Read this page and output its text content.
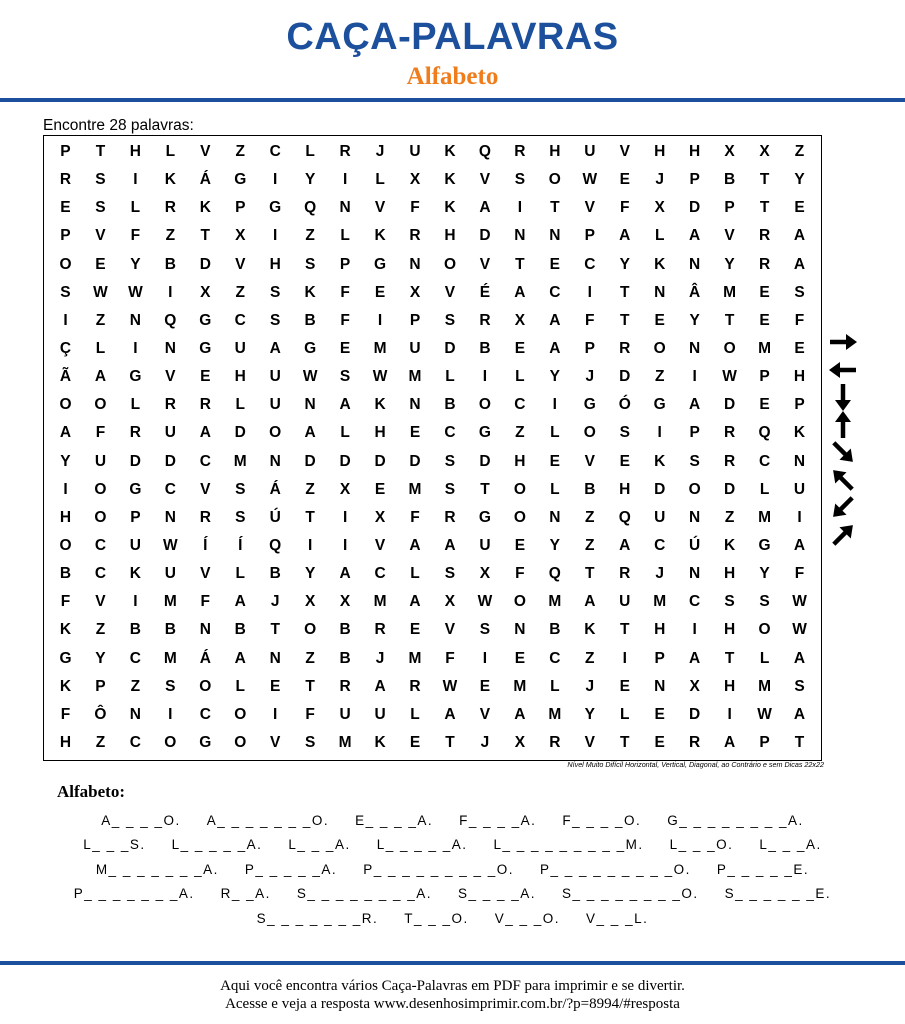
CAÇA-PALAVRAS
Alfabeto
Encontre 28 palavras:
P	T	H	L	V	Z	C	L	R	J	U	K	Q	R	H	U	V	H	H	X	X	Z
R	S	I	K	Á	G	I	Y	I	L	X	K	V	S	O	W	E	J	P	B	T	Y
E	S	L	R	K	P	G	Q	N	V	F	K	A	I	T	V	F	X	D	P	T	E
P	V	F	Z	T	X	I	Z	L	K	R	H	D	N	N	P	A	L	A	V	R	A
O	E	Y	B	D	V	H	S	P	G	N	O	V	T	E	C	Y	K	N	Y	R	A
S	W	W	I	X	Z	S	K	F	E	X	V	É	A	C	I	T	N	Â	M	E	S
I	Z	N	Q	G	C	S	B	F	I	P	S	R	X	A	F	T	E	Y	T	E	F
Ç	L	I	N	G	U	A	G	E	M	U	D	B	E	A	P	R	O	N	O	M	E
Ã	A	G	V	E	H	U	W	S	W	M	L	I	L	Y	J	D	Z	I	W	P	H
O	O	L	R	R	L	U	N	A	K	N	B	O	C	I	G	Ó	G	A	D	E	P
A	F	R	U	A	D	O	A	L	H	E	C	G	Z	L	O	S	I	P	R	Q	K
Y	U	D	D	C	M	N	D	D	D	D	S	D	H	E	V	E	K	S	R	C	N
I	O	G	C	V	S	Á	Z	X	E	M	S	T	O	L	B	H	D	O	D	L	U
H	O	P	N	R	S	Ú	T	I	X	F	R	G	O	N	Z	Q	U	N	Z	M	I
O	C	U	W	Í	Í	Q	I	I	V	A	A	U	E	Y	Z	A	C	Ú	K	G	A
B	C	K	U	V	L	B	Y	A	C	L	S	X	F	Q	T	R	J	N	H	Y	F
F	V	I	M	F	A	J	X	X	M	A	X	W	O	M	A	U	M	C	S	S	W
K	Z	B	B	N	B	T	O	B	R	E	V	S	N	B	K	T	H	I	H	O	W
G	Y	C	M	Á	A	N	Z	B	J	M	F	I	E	C	Z	I	P	A	T	L	A
K	P	Z	S	O	L	E	T	R	A	R	W	E	M	L	J	E	N	X	H	M	S
F	Ô	N	I	C	O	I	F	U	U	L	A	V	A	M	Y	L	E	D	I	W	A
H	Z	C	O	G	O	V	S	M	K	E	T	J	X	R	V	T	E	R	A	P	T
Nível Muito Difícil Horizontal, Vertical, Diagonal, ao Contrário e sem Dicas 22x22
Alfabeto:
A_ _ _ _O. A_ _ _ _ _ _ _O. E_ _ _ _A. F_ _ _ _A. F_ _ _ _O. G_ _ _ _ _ _ _ _A.
L_ _ _S. L_ _ _ _ _A. L_ _ _A. L_ _ _ _ _A. L_ _ _ _ _ _ _ _ _M. L_ _ _O. L_ _ _A.
M_ _ _ _ _ _ _A. P_ _ _ _ _A. P_ _ _ _ _ _ _ _ _O. P_ _ _ _ _ _ _ _ _O. P_ _ _ _ _E.
P_ _ _ _ _ _ _A. R_ _A. S_ _ _ _ _ _ _ _A. S_ _ _ _A. S_ _ _ _ _ _ _ _O. S_ _ _ _ _ _E.
S_ _ _ _ _ _ _R. T_ _ _O. V_ _ _O. V_ _ _L.
Aqui você encontra vários Caça-Palavras em PDF para imprimir e se divertir.
Acesse e veja a resposta www.desenhosimprimir.com.br/?p=8994/#resposta
